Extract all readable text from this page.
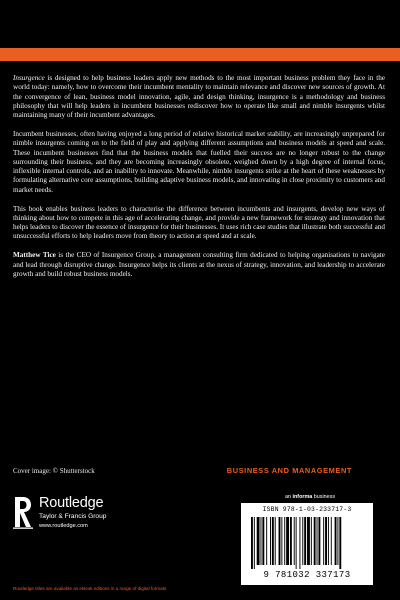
Insurgence is designed to help business leaders apply new methods to the most important business problem they face in the world today: namely, how to overcome their incumbent mentality to maintain relevance and discover new sources of growth. At the convergence of lean, business model innovation, agile, and design thinking, insurgence is a methodology and business philosophy that will help leaders in incumbent businesses rediscover how to operate like small and nimble insurgents whilst maintaining many of their incumbent advantages.

Incumbent businesses, often having enjoyed a long period of relative historical market stability, are increasingly unprepared for nimble insurgents coming on to the field of play and applying different assumptions and business models at speed and scale. These incumbent businesses find that the business models that fuelled their success are no longer robust to the change surrounding their business, and they are becoming increasingly obsolete, weighed down by a high degree of internal focus, inflexible internal controls, and an inability to innovate. Meanwhile, nimble insurgents strike at the heart of these weaknesses by formulating alternative core assumptions, building adaptive business models, and innovating in close proximity to customers and market needs.

This book enables business leaders to characterise the difference between incumbents and insurgents, develop new ways of thinking about how to compete in this age of accelerating change, and provide a new framework for strategy and innovation that helps leaders to discover the essence of insurgence for their businesses. It uses rich case studies that illustrate both successful and unsuccessful efforts to help leaders move from theory to action at speed and at scale.

Matthew Tice is the CEO of Insurgence Group, a management consulting firm dedicated to helping organisations to navigate and lead through disruptive change. Insurgence helps its clients at the nexus of strategy, innovation, and leadership to accelerate growth and build robust business models.

Cover image: © Shutterstock	BUSINESS AND MANAGEMENT
Routledge
Taylor & Francis Group
www.routledge.com
an informa business
ISBN 978-1-03-233717-3
9 781032 337173
Routledge titles are available as eBook editions in a range of digital formats
